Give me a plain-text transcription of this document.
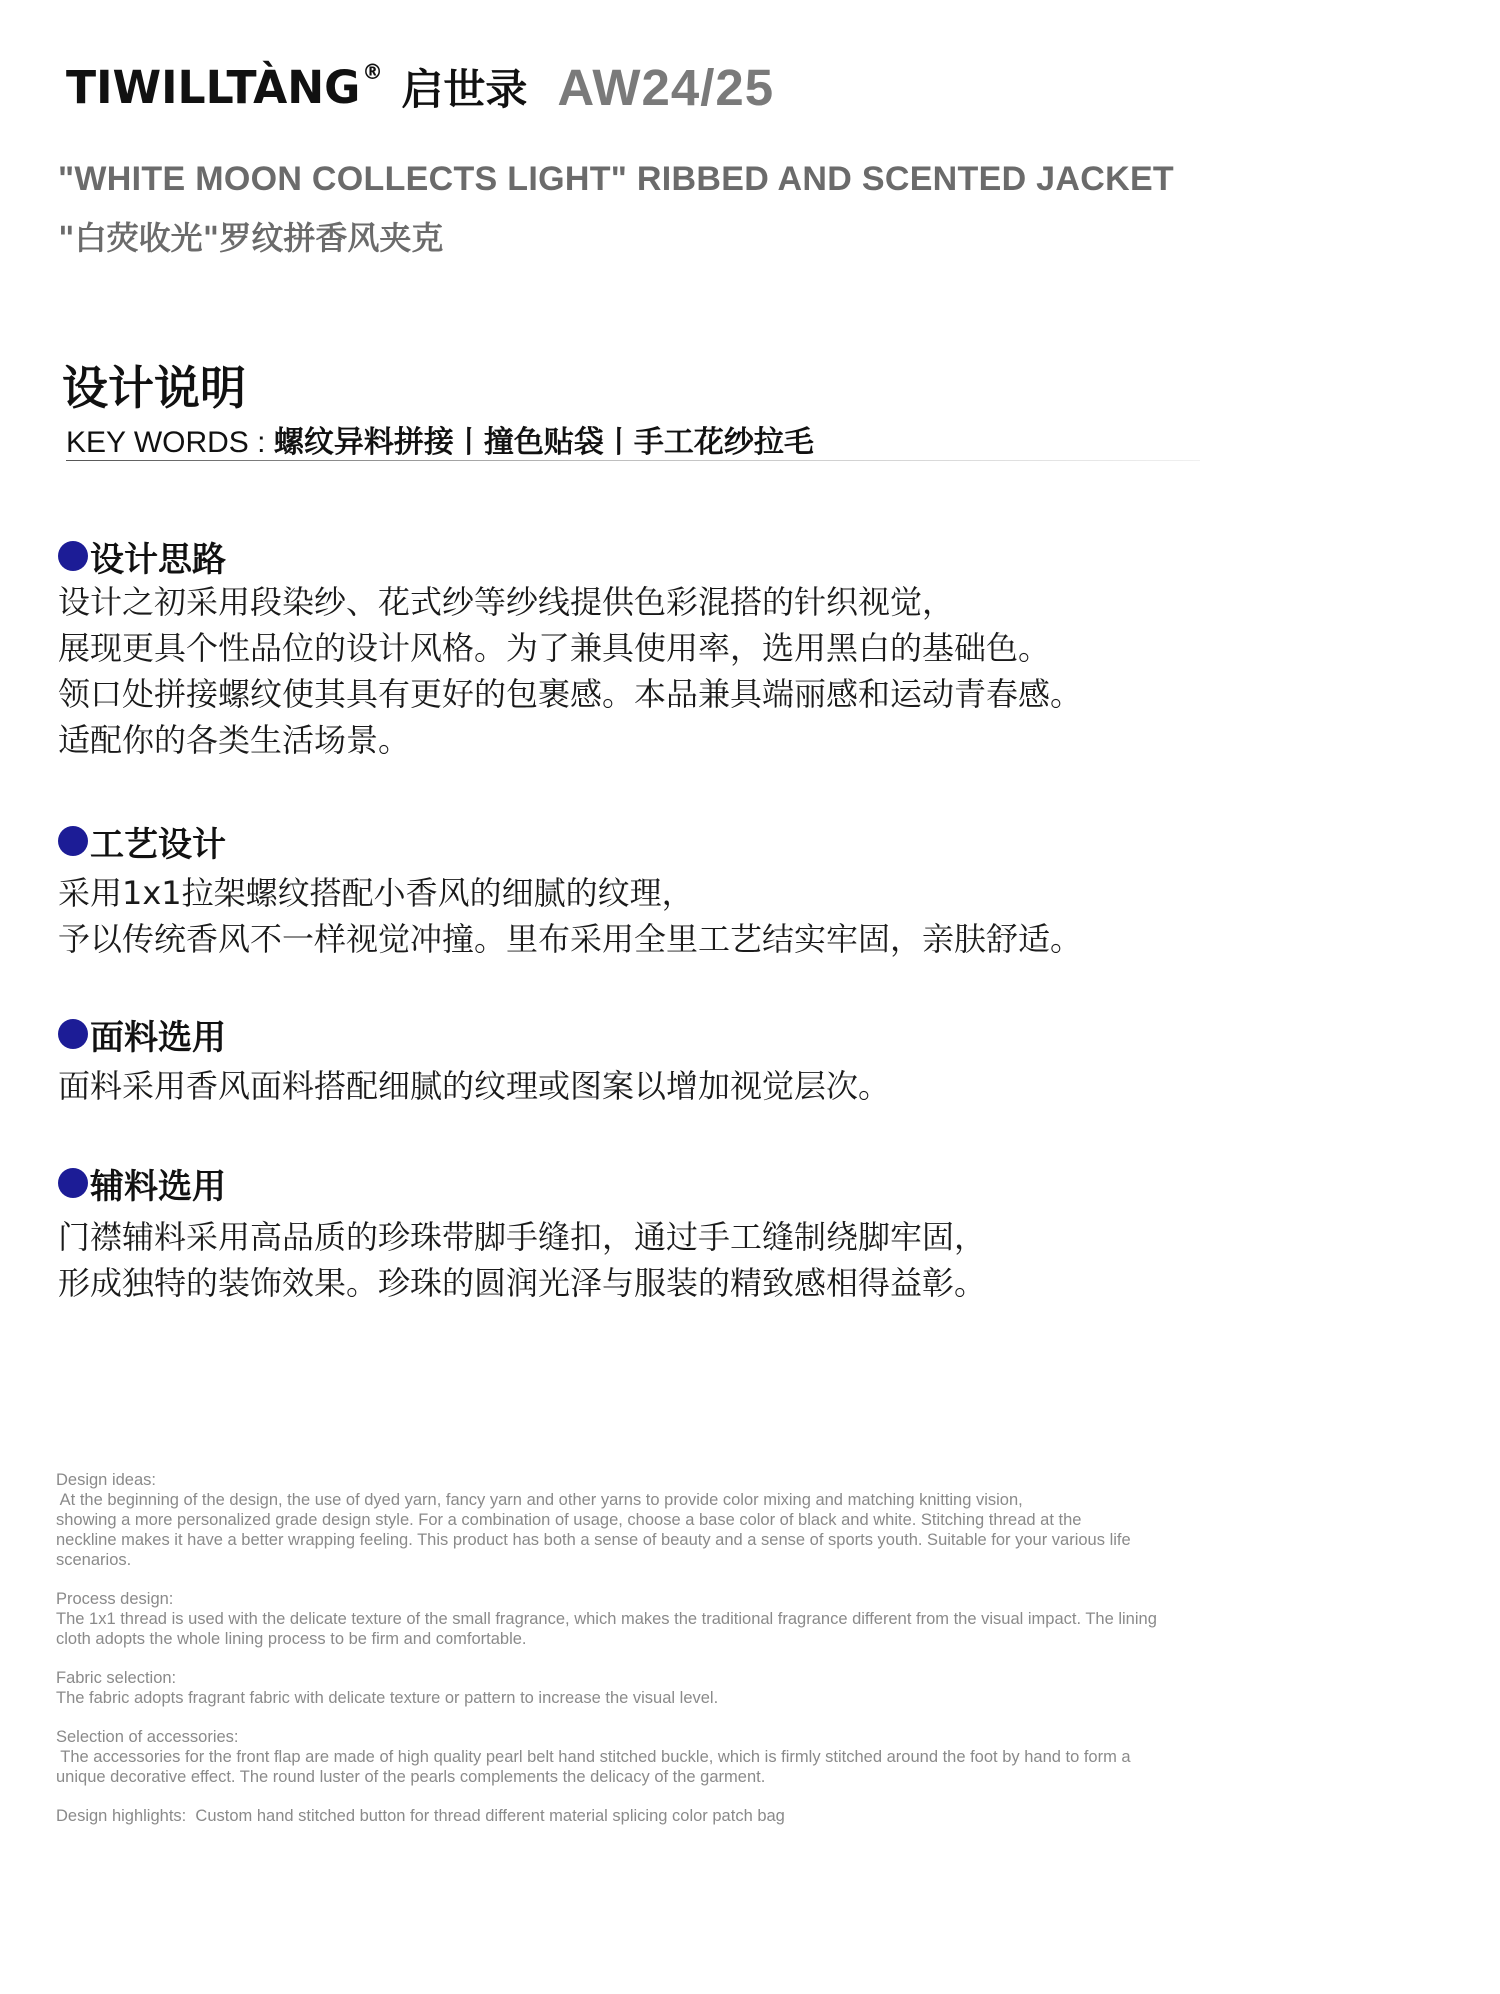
TIWILLTÀNG® 启世录 AW24/25
"WHITE MOON COLLECTS LIGHT" RIBBED AND SCENTED JACKET
"白荧收光"罗纹拼香风夹克
设计说明
KEY WORDS : 螺纹异料拼接丨撞色贴袋丨手工花纱拉毛
设计思路
设计之初采用段染纱、花式纱等纱线提供色彩混搭的针织视觉，
展现更具个性品位的设计风格。为了兼具使用率，选用黑白的基础色。
领口处拼接螺纹使其具有更好的包裹感。本品兼具端丽感和运动青春感。
适配你的各类生活场景。
工艺设计
采用1x1拉架螺纹搭配小香风的细腻的纹理，
予以传统香风不一样视觉冲撞。里布采用全里工艺结实牢固，亲肤舒适。
面料选用
面料采用香风面料搭配细腻的纹理或图案以增加视觉层次。
辅料选用
门襟辅料采用高品质的珍珠带脚手缝扣，通过手工缝制绕脚牢固，
形成独特的装饰效果。珍珠的圆润光泽与服装的精致感相得益彰。

Design ideas:
At the beginning of the design, the use of dyed yarn, fancy yarn and other yarns to provide color mixing and matching knitting vision,
showing a more personalized grade design style. For a combination of usage, choose a base color of black and white. Stitching thread at the
neckline makes it have a better wrapping feeling. This product has both a sense of beauty and a sense of sports youth. Suitable for your various life
scenarios.

Process design:
The 1x1 thread is used with the delicate texture of the small fragrance, which makes the traditional fragrance different from the visual impact. The lining
cloth adopts the whole lining process to be firm and comfortable.

Fabric selection:
The fabric adopts fragrant fabric with delicate texture or pattern to increase the visual level.

Selection of accessories:
The accessories for the front flap are made of high quality pearl belt hand stitched buckle, which is firmly stitched around the foot by hand to form a
unique decorative effect. The round luster of the pearls complements the delicacy of the garment.

Design highlights:  Custom hand stitched button for thread different material splicing color patch bag
